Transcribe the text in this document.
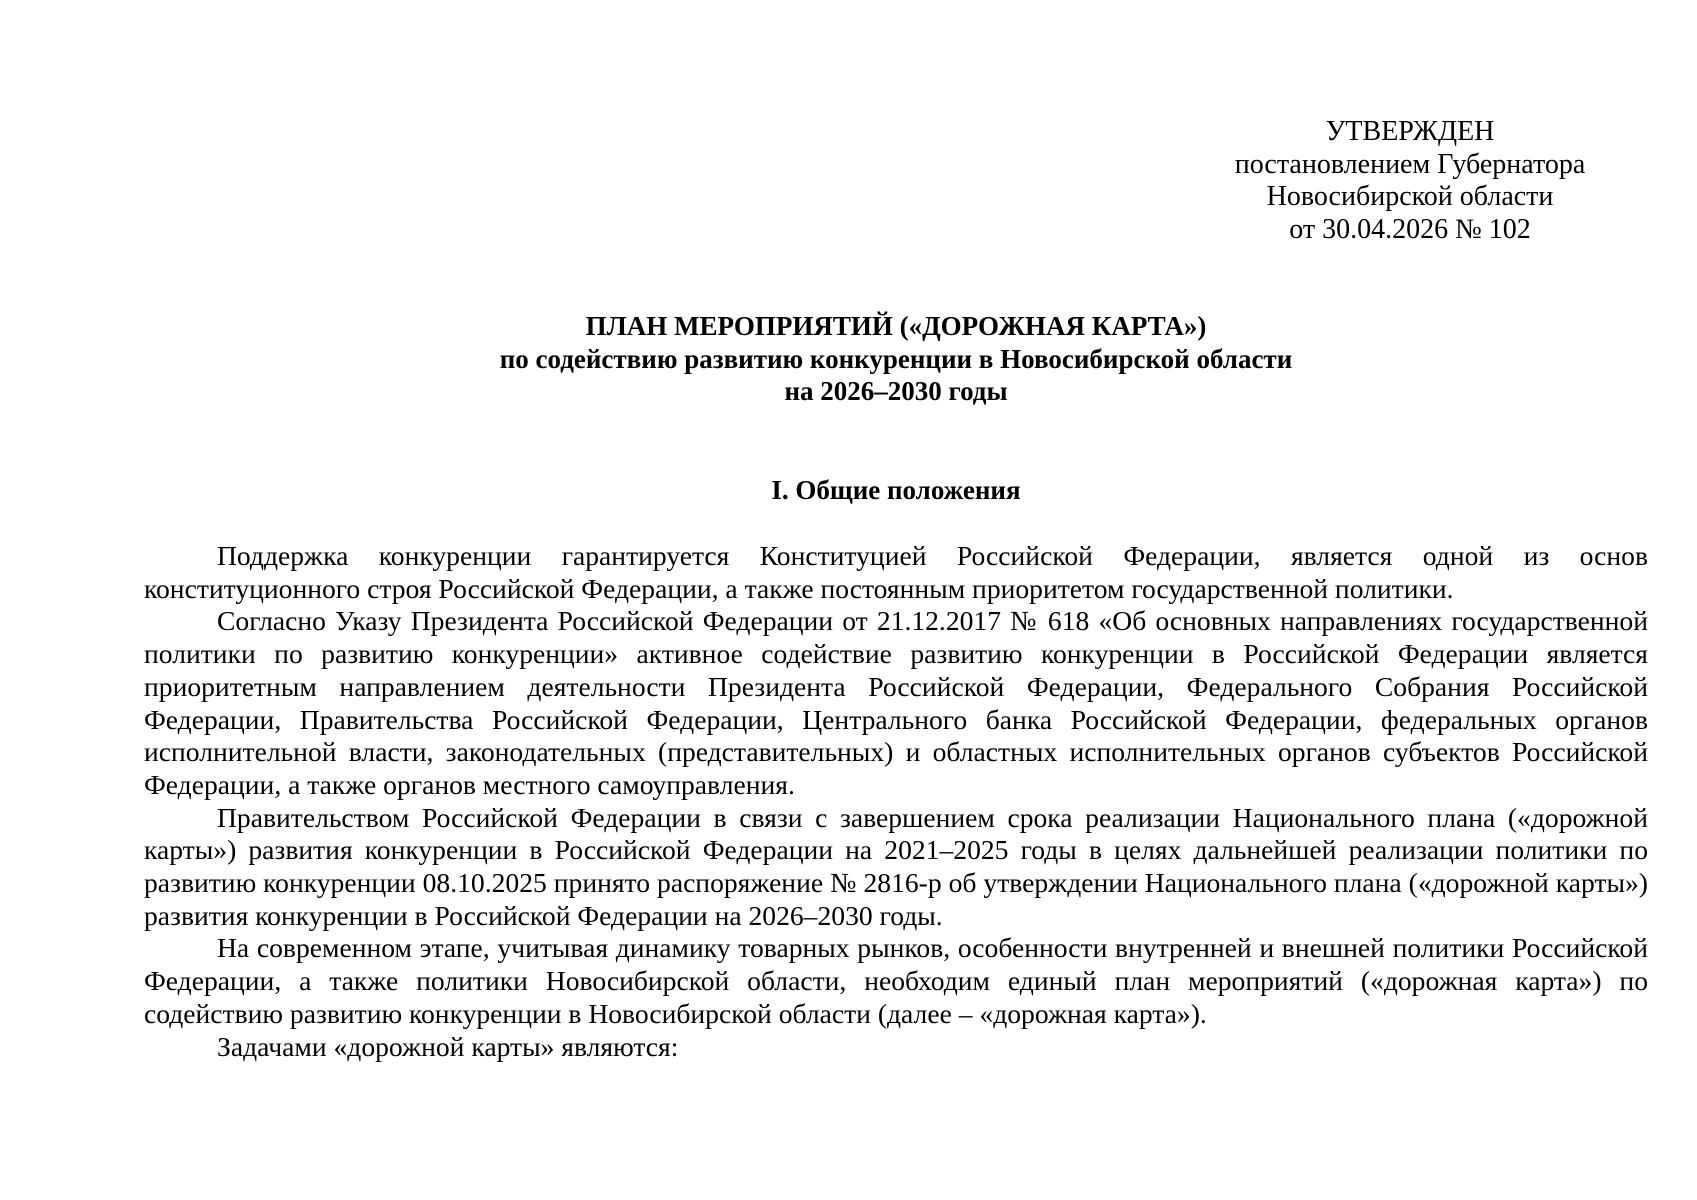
УТВЕРЖДЕН
постановлением Губернатора
Новосибирской области
от 30.04.2026 № 102
ПЛАН МЕРОПРИЯТИЙ («ДОРОЖНАЯ КАРТА»)
по содействию развитию конкуренции в Новосибирской области
на 2026–2030 годы
I. Общие положения

Поддержка конкуренции гарантируется Конституцией Российской Федерации, является одной из основ конституционного строя Российской Федерации, а также постоянным приоритетом государственной политики.

Согласно Указу Президента Российской Федерации от 21.12.2017 № 618 «Об основных направлениях государственной политики по развитию конкуренции» активное содействие развитию конкуренции в Российской Федерации является приоритетным направлением деятельности Президента Российской Федерации, Федерального Собрания Российской Федерации, Правительства Российской Федерации, Центрального банка Российской Федерации, федеральных органов исполнительной власти, законодательных (представительных) и областных исполнительных органов субъектов Российской Федерации, а также органов местного самоуправления.

Правительством Российской Федерации в связи с завершением срока реализации Национального плана («дорожной карты») развития конкуренции в Российской Федерации на 2021–2025 годы в целях дальнейшей реализации политики по развитию конкуренции 08.10.2025 принято распоряжение № 2816-р об утверждении Национального плана («дорожной карты») развития конкуренции в Российской Федерации на 2026–2030 годы.

На современном этапе, учитывая динамику товарных рынков, особенности внутренней и внешней политики Российской Федерации, а также политики Новосибирской области, необходим единый план мероприятий («дорожная карта») по содействию развитию конкуренции в Новосибирской области (далее – «дорожная карта»).

Задачами «дорожной карты» являются:
